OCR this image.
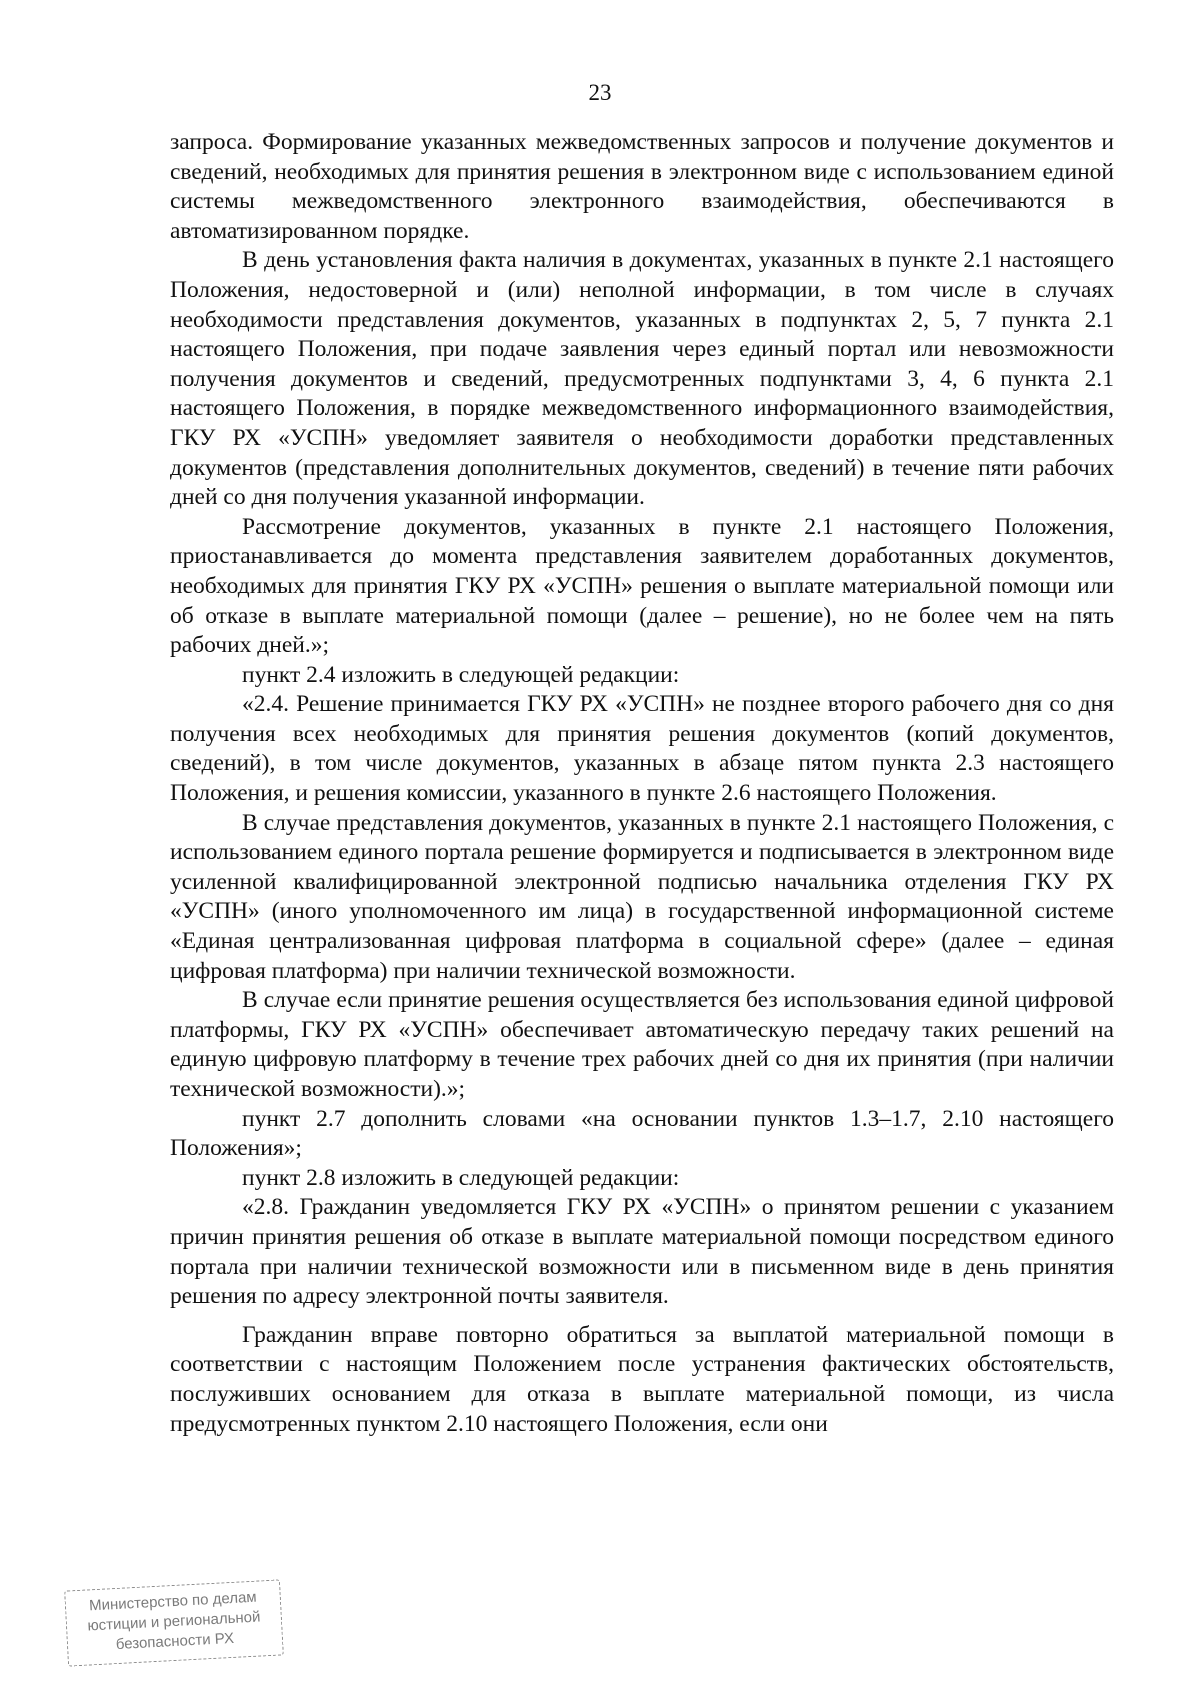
23

запроса. Формирование указанных межведомственных запросов и получение документов и сведений, необходимых для принятия решения в электронном виде с использованием единой системы межведомственного электронного взаимодействия, обеспечиваются в автоматизированном порядке.

В день установления факта наличия в документах, указанных в пункте 2.1 настоящего Положения, недостоверной и (или) неполной информации, в том числе в случаях необходимости представления документов, указанных в подпунктах 2, 5, 7 пункта 2.1 настоящего Положения, при подаче заявления через единый портал или невозможности получения документов и сведений, предусмотренных подпунктами 3, 4, 6 пункта 2.1 настоящего Положения, в порядке межведомственного информационного взаимодействия, ГКУ РХ «УСПН» уведомляет заявителя о необходимости доработки представленных документов (представления дополнительных документов, сведений) в течение пяти рабочих дней со дня получения указанной информации.

Рассмотрение документов, указанных в пункте 2.1 настоящего Положения, приостанавливается до момента представления заявителем доработанных документов, необходимых для принятия ГКУ РХ «УСПН» решения о выплате материальной помощи или об отказе в выплате материальной помощи (далее – решение), но не более чем на пять рабочих дней.»;

пункт 2.4 изложить в следующей редакции:

«2.4. Решение принимается ГКУ РХ «УСПН» не позднее второго рабочего дня со дня получения всех необходимых для принятия решения документов (копий документов, сведений), в том числе документов, указанных в абзаце пятом пункта 2.3 настоящего Положения, и решения комиссии, указанного в пункте 2.6 настоящего Положения.

В случае представления документов, указанных в пункте 2.1 настоящего Положения, с использованием единого портала решение формируется и подписывается в электронном виде усиленной квалифицированной электронной подписью начальника отделения ГКУ РХ «УСПН» (иного уполномоченного им лица) в государственной информационной системе «Единая централизованная цифровая платформа в социальной сфере» (далее – единая цифровая платформа) при наличии технической возможности.

В случае если принятие решения осуществляется без использования единой цифровой платформы, ГКУ РХ «УСПН» обеспечивает автоматическую передачу таких решений на единую цифровую платформу в течение трех рабочих дней со дня их принятия (при наличии технической возможности).»;

пункт 2.7 дополнить словами «на основании пунктов 1.3–1.7, 2.10 настоящего Положения»;

пункт 2.8 изложить в следующей редакции:

«2.8. Гражданин уведомляется ГКУ РХ «УСПН» о принятом решении с указанием причин принятия решения об отказе в выплате материальной помощи посредством единого портала при наличии технической возможности или в письменном виде в день принятия решения по адресу электронной почты заявителя.

Гражданин вправе повторно обратиться за выплатой материальной помощи в соответствии с настоящим Положением после устранения фактических обстоятельств, послуживших основанием для отказа в выплате материальной помощи, из числа предусмотренных пунктом 2.10 настоящего Положения, если они

Министерство по делам
юстиции и региональной
безопасности РХ
